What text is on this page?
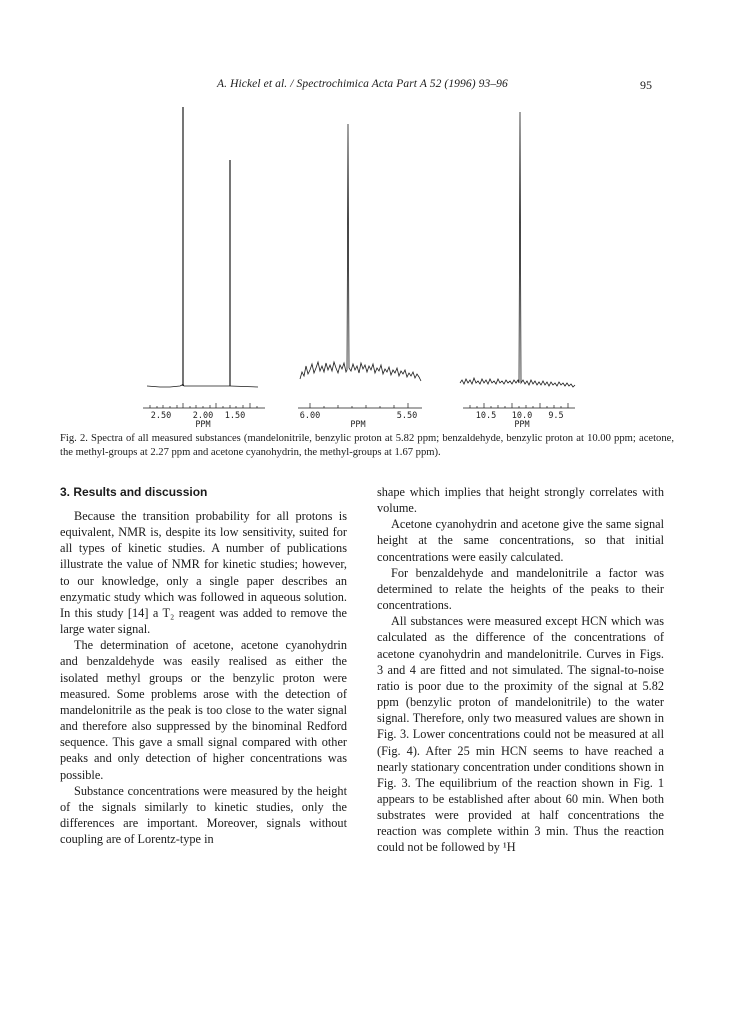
A. Hickel et al. / Spectrochimica Acta Part A 52 (1996) 93–96	95
2.50	2.00 1.50
PPM
6.00	5.50
PPM
10.5 10.0 9.5
PPM
Fig. 2. Spectra of all measured substances (mandelonitrile, benzylic proton at 5.82 ppm; benzaldehyde, benzylic proton at 10.00 ppm; acetone, the methyl-groups at 2.27 ppm and acetone cyanohydrin, the methyl-groups at 1.67 ppm).
3. Results and discussion

Because the transition probability for all protons is equivalent, NMR is, despite its low sensitivity, suited for all types of kinetic studies. A number of publications illustrate the value of NMR for kinetic studies; however, to our knowledge, only a single paper describes an enzymatic study which was followed in aqueous solution. In this study [14] a T₂ reagent was added to remove the large water signal.

The determination of acetone, acetone cyanohydrin and benzaldehyde was easily realised as either the isolated methyl groups or the benzylic proton were measured. Some problems arose with the detection of mandelonitrile as the peak is too close to the water signal and therefore also suppressed by the binominal Redford sequence. This gave a small signal compared with other peaks and only detection of higher concentrations was possible.

Substance concentrations were measured by the height of the signals similarly to kinetic studies, only the differences are important. Moreover, signals without coupling are of Lorentz-type in

shape which implies that height strongly correlates with volume.

Acetone cyanohydrin and acetone give the same signal height at the same concentrations, so that initial concentrations were easily calculated.

For benzaldehyde and mandelonitrile a factor was determined to relate the heights of the peaks to their concentrations.

All substances were measured except HCN which was calculated as the difference of the concentrations of acetone cyanohydrin and mandelonitrile. Curves in Figs. 3 and 4 are fitted and not simulated. The signal-to-noise ratio is poor due to the proximity of the signal at 5.82 ppm (benzylic proton of mandelonitrile) to the water signal. Therefore, only two measured values are shown in Fig. 3. Lower concentrations could not be measured at all (Fig. 4). After 25 min HCN seems to have reached a nearly stationary concentration under conditions shown in Fig. 3. The equilibrium of the reaction shown in Fig. 1 appears to be established after about 60 min. When both substrates were provided at half concentrations the reaction was complete within 3 min. Thus the reaction could not be followed by ¹H
